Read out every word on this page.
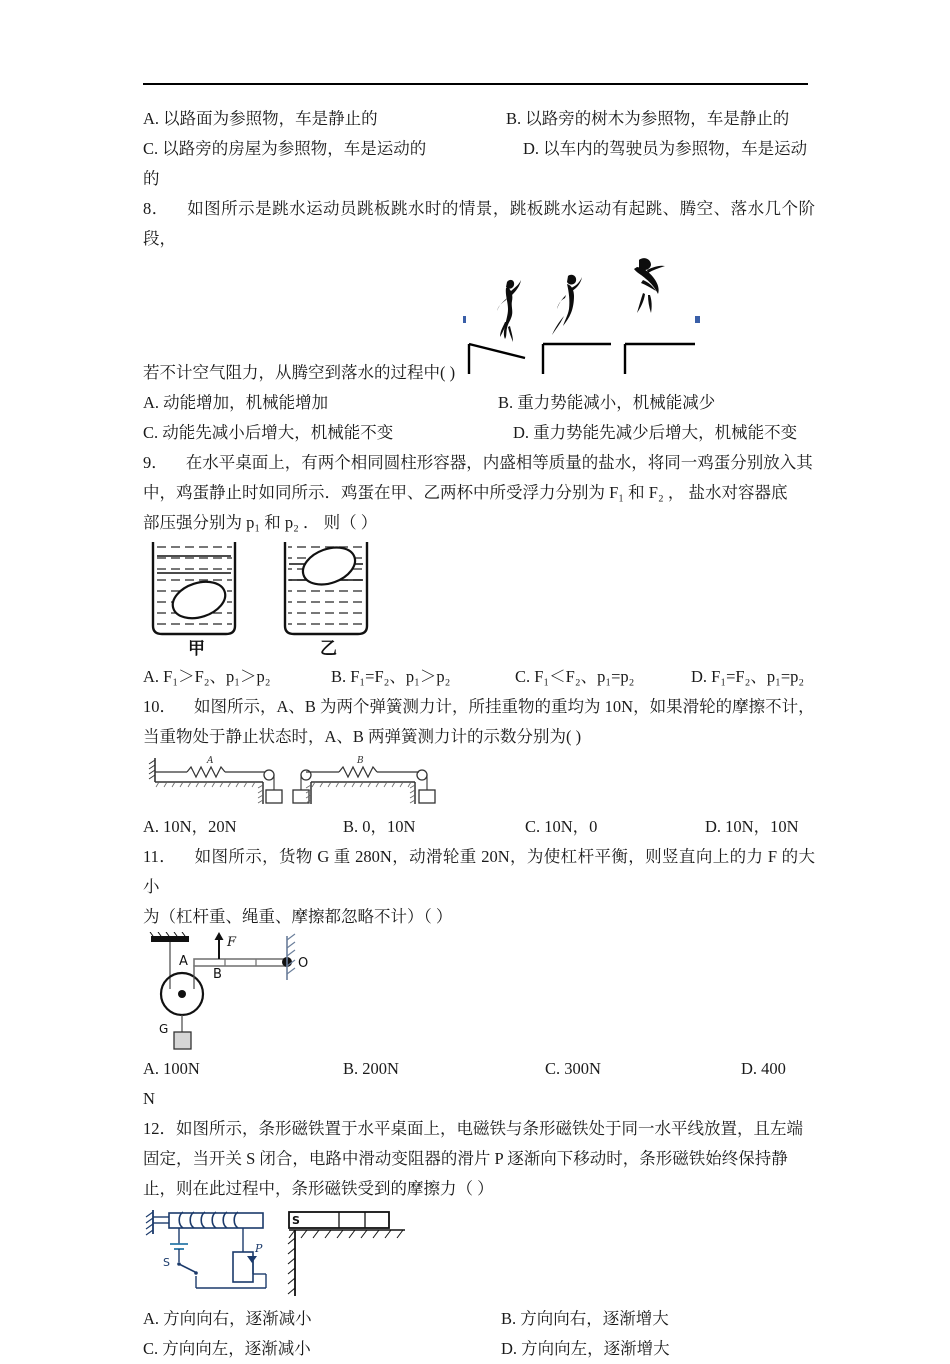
A. 以路面为参照物，车是静止的	B. 以路旁的树木为参照物，车是静止的
C. 以路旁的房屋为参照物，车是运动的	D. 以车内的驾驶员为参照物，车是运动
的
8． 如图所示是跳水运动员跳板跳水时的情景，跳板跳水运动有起跳、腾空、落水几个阶段，
若不计空气阻力，从腾空到落水的过程中( )
A. 动能增加，机械能增加	B. 重力势能减小，机械能减少
C. 动能先减小后增大，机械能不变	D. 重力势能先减少后增大，机械能不变
9． 在水平桌面上，有两个相同圆柱形容器，内盛相等质量的盐水，将同一鸡蛋分别放入其
中，鸡蛋静止时如同所示．鸡蛋在甲、乙两杯中所受浮力分别为 F₁ 和 F₂ ， 盐水对容器底
部压强分别为 p₁ 和 p₂ ． 则（ ）
甲	乙
A. F₁＞F₂、p₁＞p₂	B. F₁=F₂、p₁＞p₂	C. F₁＜F₂、p₁=p₂	D. F₁=F₂、p₁=p₂
10． 如图所示，A、B 为两个弹簧测力计，所挂重物的重均为 10N，如果滑轮的摩擦不计，
当重物处于静止状态时，A、B 两弹簧测力计的示数分别为( )
A	B
A. 10N，20N	B. 0，10N	C. 10N，0	D. 10N，10N
11． 如图所示，货物 G 重 280N，动滑轮重 20N，为使杠杆平衡，则竖直向上的力 F 的大小
为（杠杆重、绳重、摩擦都忽略不计）（ ）
G
O
F
A
B
A. 100N	B. 200N	C. 300N	D. 400
N
12．如图所示，条形磁铁置于水平桌面上，电磁铁与条形磁铁处于同一水平线放置，且左端
固定，当开关 S 闭合，电路中滑动变阻器的滑片 P 逐渐向下移动时，条形磁铁始终保持静
止，则在此过程中，条形磁铁受到的摩擦力（ ）
S
P
S
A. 方向向右，逐渐减小	B. 方向向右，逐渐增大
C. 方向向左，逐渐减小	D. 方向向左，逐渐增大
